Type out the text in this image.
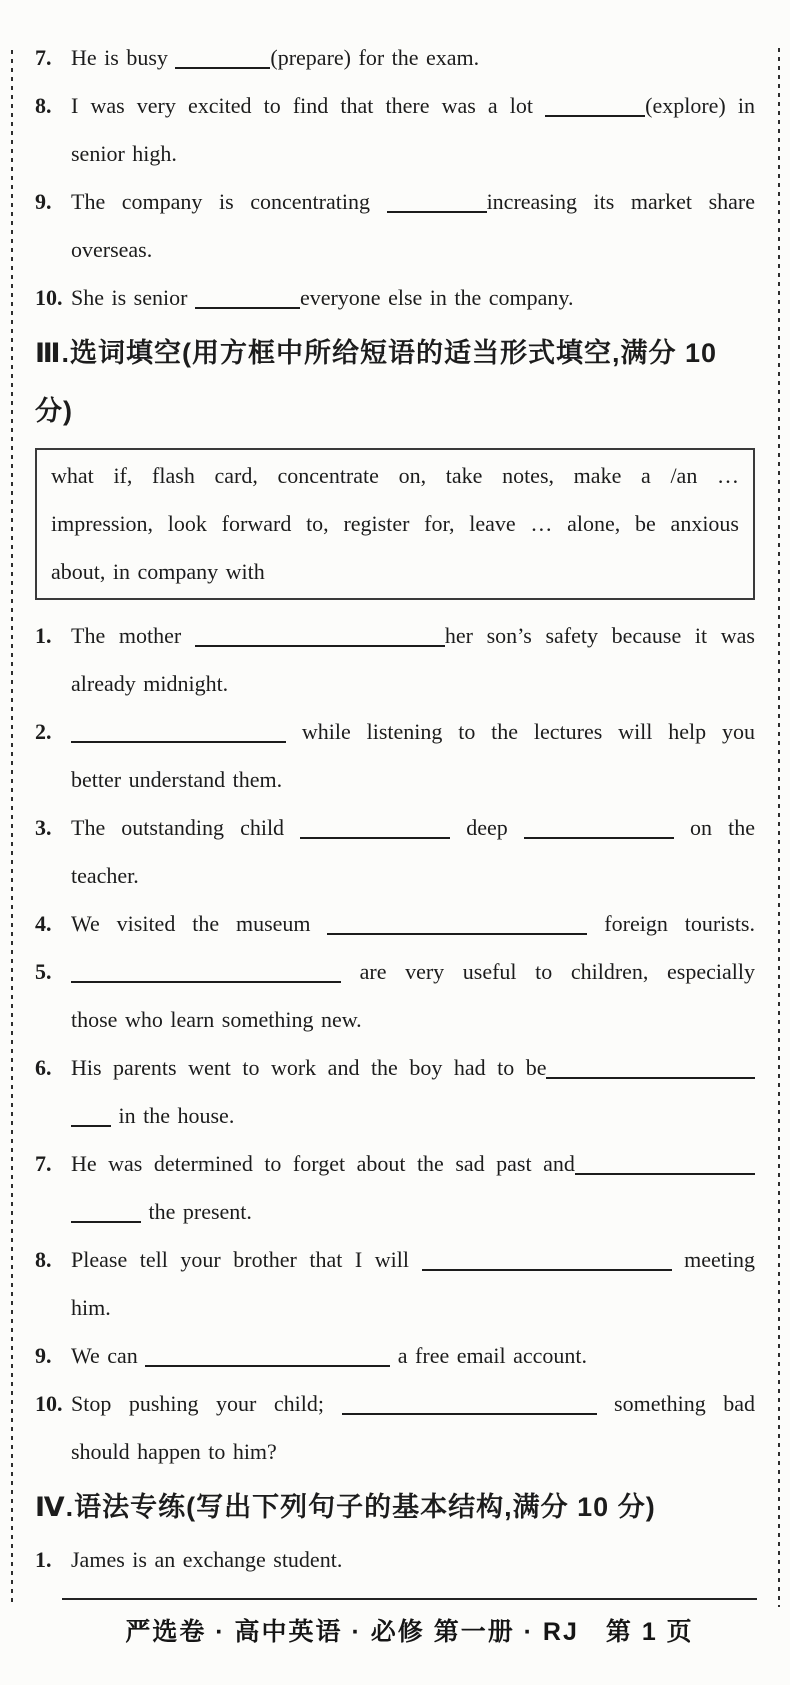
7. He is busy	(prepare) for the exam.
8. I was very excited to find that there was a lot	(explore) in
senior high.
9. The company is concentrating	increasing its market share
overseas.
10. She is senior	everyone else in the company.
Ⅲ.选词填空(用方框中所给短语的适当形式填空,满分 10 分)
what if, flash card, concentrate on, take notes, make a /an …
impression, look forward to, register for, leave … alone, be anxious
about, in company with
1. The mother	her son’s safety because it was
already midnight.
2.	while listening to the lectures will help you
better understand them.
3. The outstanding child	deep	on the
teacher.
4. We visited the museum	foreign tourists.
5.	are very useful to children, especially
those who learn something new.
6. His parents went to work and the boy had to be
in the house.
7. He was determined to forget about the sad past and
the present.
8. Please tell your brother that I will	meeting
him.
9. We can	a free email account.
10. Stop pushing your child;	something bad
should happen to him?
Ⅳ.语法专练(写出下列句子的基本结构,满分 10 分)
1. James is an exchange student.
严选卷 · 高中英语 · 必修 第一册 · RJ　第 1 页
